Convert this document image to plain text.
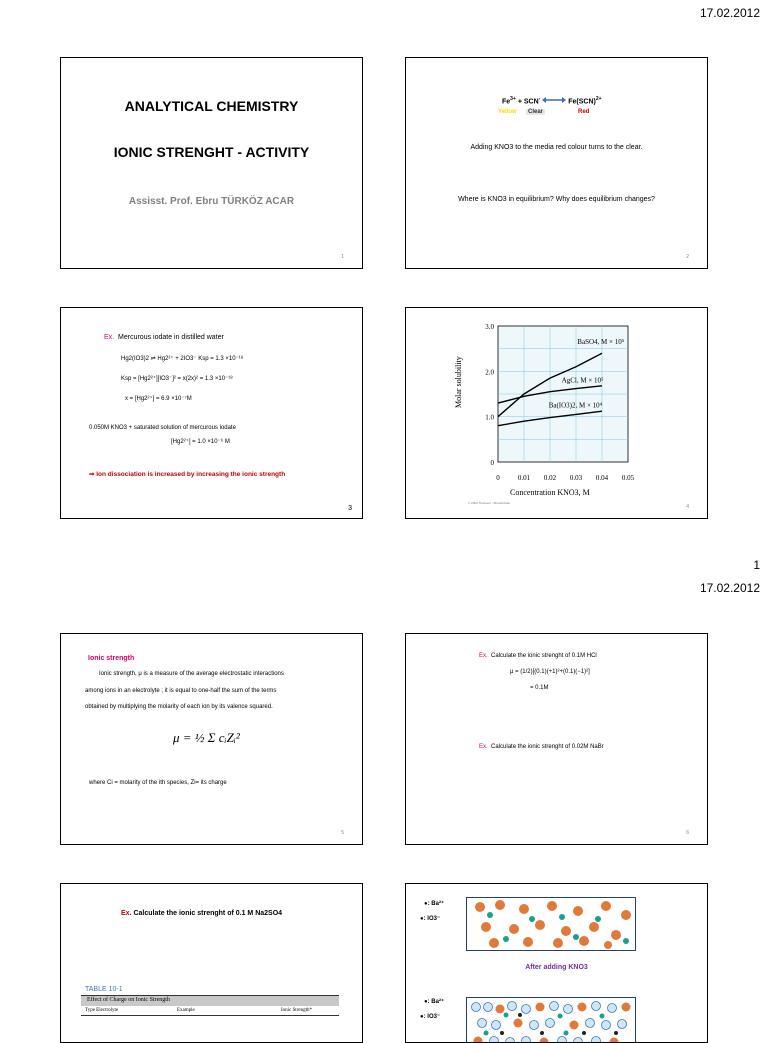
17.02.2012
ANALYTICAL CHEMISTRY
IONIC STRENGHT - ACTIVITY
Assisst. Prof. Ebru TÜRKÖZ ACAR
1
$Fe^{3+} + SCN^-$	Fe(SCN)$^{2+}$
Yellow	Clear	Red
Adding KNO3 to the media red colour turns to the clear.
Where is KNO3 in equilibrium? Why does equilibrium changes?
2
Ex. Mercurous iodate in distilled water
Hg2(IO3)2 ⇌ Hg2²⁺ + 2IO3⁻ Ksp = 1.3 ×10⁻¹⁸
Ksp = [Hg2²⁺][IO3⁻]² = x(2x)² = 1.3 ×10⁻¹⁸
x = [Hg2²⁺] = 6.9 ×10⁻⁷M
0.050M KNO3 + saturated solution of mercurous iodate
[Hg2²⁺] = 1.0 ×10⁻⁶ M
⇒ Ion dissociation is increased by increasing the ionic strength
3
0	0.01 0.02 0.03 0.04 0.05
0
1.0
2.0
3.0
BaSO4, M × 10⁵
AgCl, M × 10⁵
Ba(IO3)2, M × 10⁴
Molar solubility
Concentration KNO3, M
© 2004 Thomson - Brooks/Cole
4
1
17.02.2012
Ionic strength
Ionic strength, μ is a measure of the average electrostatic interactions
among ions in an electrolyte ; it is equal to one-half the sum of the terms
obtained by multiplying the molarity of each ion by its valence squared.
μ = ½ Σ cᵢZᵢ²
where Ci = molarity of the ith species, Zi= its charge
5
Ex. Calculate the ionic strenght of 0.1M HCl
μ = (1/2)[(0.1)(+1)²+(0.1)(−1)²]
= 0.1M
Ex. Calculate the ionic strenght of 0.02M NaBr
6
Ex. Calculate the ionic strenght of 0.1 M Na2SO4
TABLE 10-1
Effect of Charge on Ionic Strength
Type Electrolyte	Example	Ionic Strength*
●: Ba²⁺
●: IO3⁻
After adding KNO3
●: Ba²⁺
●: IO3⁻
